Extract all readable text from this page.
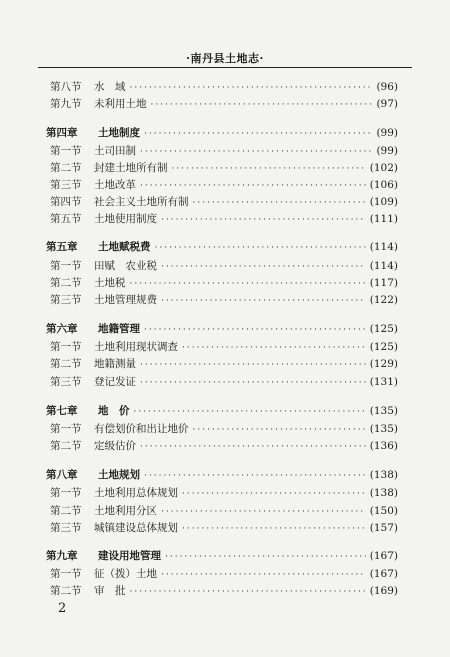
·南丹县土地志·
第八节	水　域 ·····	(96)
第九节	未利用土地 ·····	(97)
第四章	土地制度 ·····	(99)
第一节	土司田制 ·····	(99)
第二节	封建土地所有制 ·····	(102)
第三节	土地改革 ·····	(106)
第四节	社会主义土地所有制 ·····	(109)
第五节	土地使用制度 ·····	(111)
第五章	土地赋税费 ·····	(114)
第一节	田赋　农业税 ·····	(114)
第二节	土地税 ·····	(117)
第三节	土地管理规费 ·····	(122)
第六章	地籍管理 ·····	(125)
第一节	土地利用现状调查 ·····	(125)
第二节	地籍测量 ·····	(129)
第三节	登记发证 ·····	(131)
第七章	地　价 ·····	(135)
第一节	有偿划价和出让地价 ·····	(135)
第二节	定级估价 ·····	(136)
第八章	土地规划 ·····	(138)
第一节	土地利用总体规划 ·····	(138)
第二节	土地利用分区 ·····	(150)
第三节	城镇建设总体规划 ·····	(157)
第九章	建设用地管理 ·····	(167)
第一节	征（拨）土地 ·····	(167)
第二节	审　批 ·····	(169)
2
